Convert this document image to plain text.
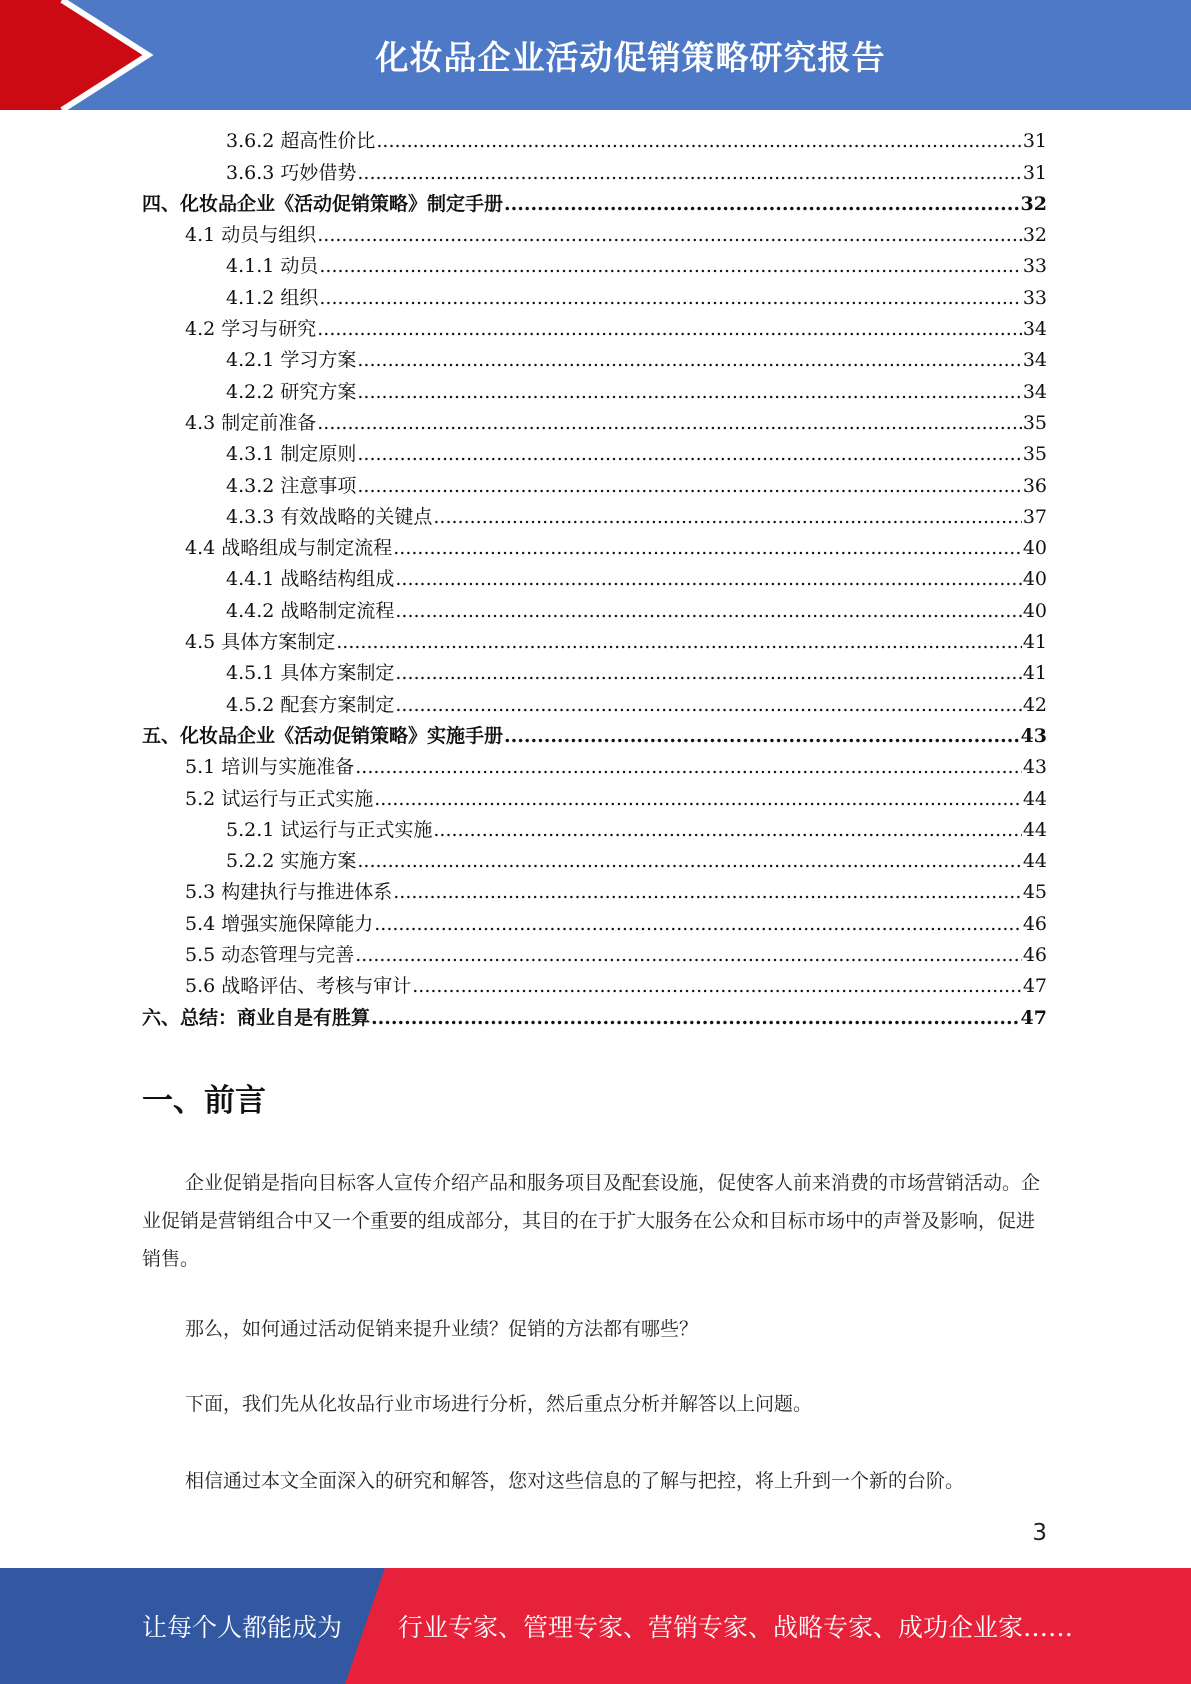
化妆品企业活动促销策略研究报告
3.6.2 超高性价比 .....	31
3.6.3 巧妙借势 .....	31
四、化妆品企业《活动促销策略》制定手册 .....	32
4.1 动员与组织 .....	32
4.1.1 动员 .....	33
4.1.2 组织 .....	33
4.2 学习与研究 .....	34
4.2.1 学习方案 .....	34
4.2.2 研究方案 .....	34
4.3 制定前准备 .....	35
4.3.1 制定原则 .....	35
4.3.2 注意事项 .....	36
4.3.3 有效战略的关键点 .....	37
4.4 战略组成与制定流程 .....	40
4.4.1 战略结构组成 .....	40
4.4.2 战略制定流程 .....	40
4.5 具体方案制定 .....	41
4.5.1 具体方案制定 .....	41
4.5.2 配套方案制定 .....	42
五、化妆品企业《活动促销策略》实施手册 .....	43
5.1 培训与实施准备 .....	43
5.2 试运行与正式实施 .....	44
5.2.1 试运行与正式实施 .....	44
5.2.2 实施方案 .....	44
5.3 构建执行与推进体系 .....	45
5.4 增强实施保障能力 .....	46
5.5 动态管理与完善 .....	46
5.6 战略评估、考核与审计 .....	47
六、总结：商业自是有胜算 .....	47
一、前言
企业促销是指向目标客人宣传介绍产品和服务项目及配套设施，促使客人前来消费的市场营销活动。企业促销是营销组合中又一个重要的组成部分，其目的在于扩大服务在公众和目标市场中的声誉及影响，促进销售。
那么，如何通过活动促销来提升业绩？促销的方法都有哪些？
下面，我们先从化妆品行业市场进行分析，然后重点分析并解答以上问题。
相信通过本文全面深入的研究和解答，您对这些信息的了解与把控，将上升到一个新的台阶。
3
让每个人都能成为 行业专家、管理专家、营销专家、战略专家、成功企业家……
